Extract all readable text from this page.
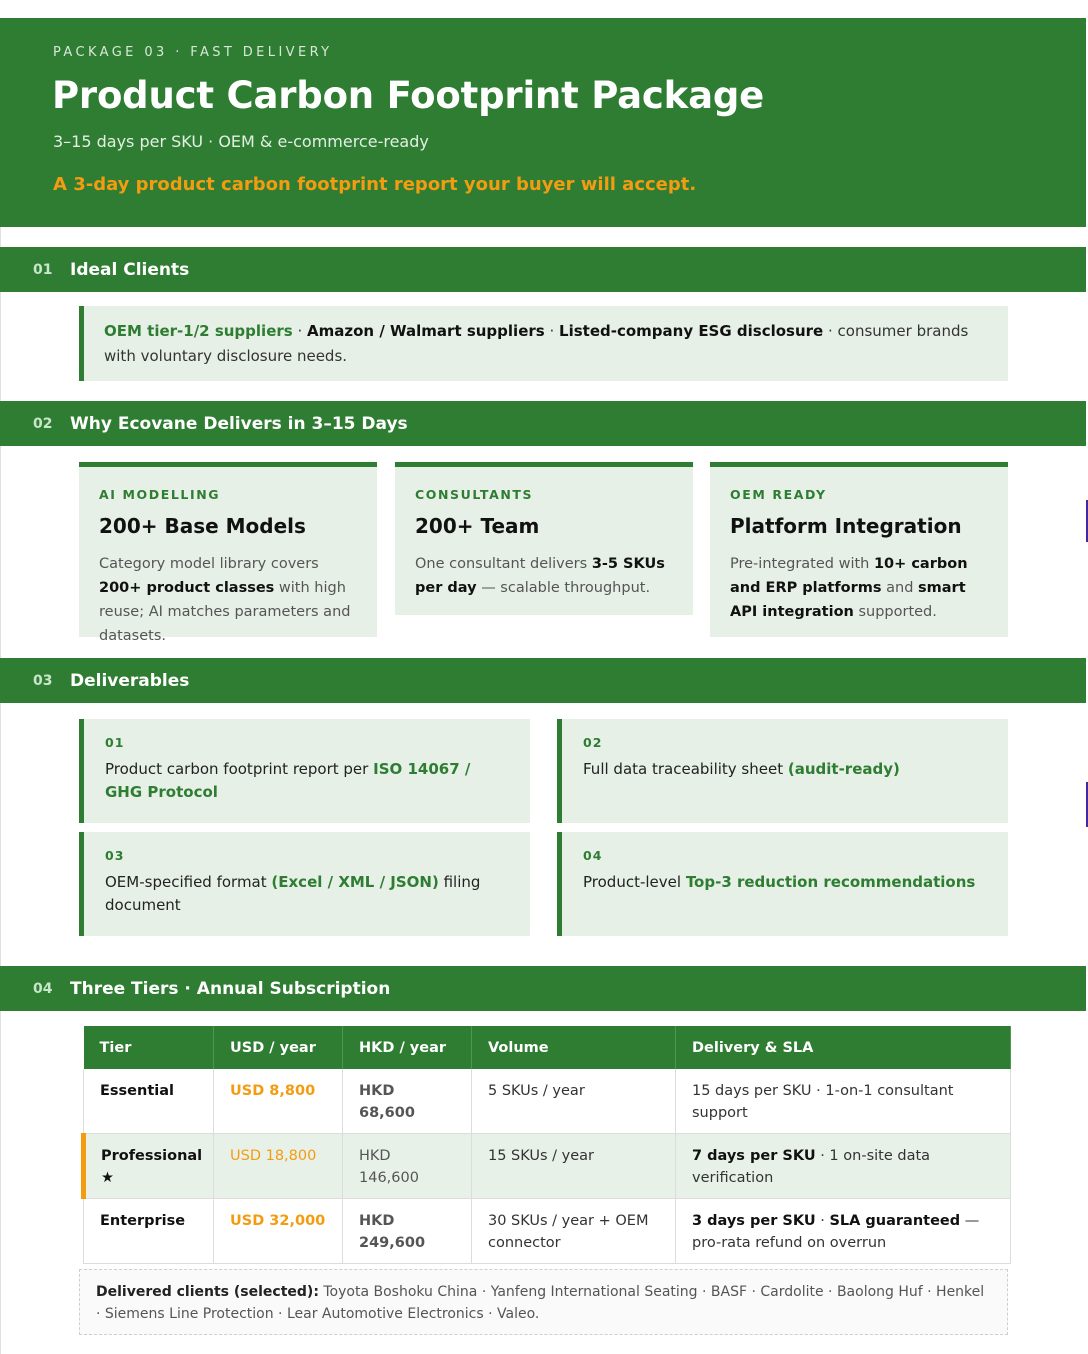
PACKAGE 03 · FAST DELIVERY
Product Carbon Footprint Package
3–15 days per SKU · OEM & e-commerce-ready
A 3-day product carbon footprint report your buyer will accept.
01	Ideal Clients
OEM tier-1/2 suppliers · Amazon / Walmart suppliers · Listed-company ESG disclosure · consumer brands with voluntary disclosure needs.
02	Why Ecovane Delivers in 3–15 Days
AI MODELLING
200+ Base Models
Category model library covers 200+ product classes with high reuse; AI matches parameters and datasets.
CONSULTANTS
200+ Team
One consultant delivers 3-5 SKUs per day — scalable throughput.
OEM READY
Platform Integration
Pre-integrated with 10+ carbon and ERP platforms and smart API integration supported.
03	Deliverables
01
Product carbon footprint report per ISO 14067 / GHG Protocol
02
Full data traceability sheet (audit-ready)
03
OEM-specified format (Excel / XML / JSON) filing document
04
Product-level Top-3 reduction recommendations
04	Three Tiers · Annual Subscription
Tier	USD / year	HKD / year	Volume	Delivery & SLA
Essential	USD 8,800	HKD 68,600	5 SKUs / year	15 days per SKU · 1-on-1 consultant support
Professional ★	USD 18,800	HKD 146,600	15 SKUs / year	7 days per SKU · 1 on-site data verification
Enterprise	USD 32,000	HKD 249,600	30 SKUs / year + OEM connector	3 days per SKU · SLA guaranteed — pro-rata refund on overrun
Delivered clients (selected): Toyota Boshoku China · Yanfeng International Seating · BASF · Cardolite · Baolong Huf · Henkel · Siemens Line Protection · Lear Automotive Electronics · Valeo.
